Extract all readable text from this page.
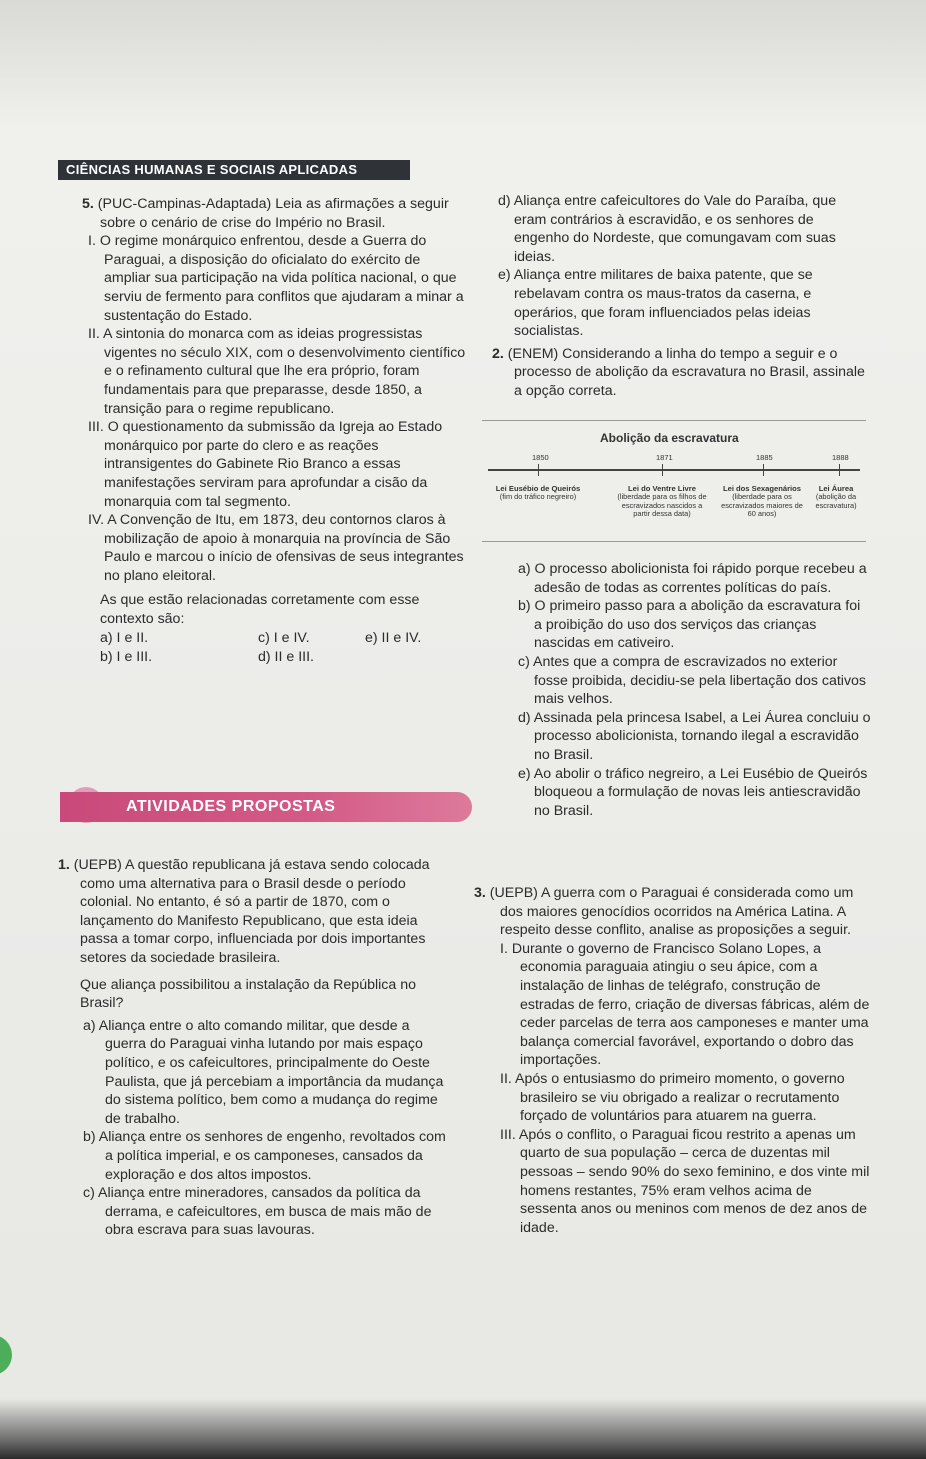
CIÊNCIAS HUMANAS E SOCIAIS APLICADAS

5. (PUC-Campinas-Adaptada) Leia as afirmações a seguir sobre o cenário de crise do Império no Brasil.

I. O regime monárquico enfrentou, desde a Guerra do Paraguai, a disposição do oficialato do exército de ampliar sua participação na vida política nacional, o que serviu de fermento para conflitos que ajudaram a minar a sustentação do Estado.

II. A sintonia do monarca com as ideias progressistas vigentes no século XIX, com o desenvolvimento científico e o refinamento cultural que lhe era próprio, foram fundamentais para que preparasse, desde 1850, a transição para o regime republicano.

III. O questionamento da submissão da Igreja ao Estado monárquico por parte do clero e as reações intransigentes do Gabinete Rio Branco a essas manifestações serviram para aprofundar a cisão da monarquia com tal segmento.

IV. A Convenção de Itu, em 1873, deu contornos claros à mobilização de apoio à monarquia na província de São Paulo e marcou o início de ofensivas de seus integrantes no plano eleitoral.

As que estão relacionadas corretamente com esse contexto são:

a) I e II.	c) I e IV.	e) II e IV.
b) I e III.	d) II e III.
ATIVIDADES PROPOSTAS

1. (UEPB) A questão republicana já estava sendo colocada como uma alternativa para o Brasil desde o período colonial. No entanto, é só a partir de 1870, com o lançamento do Manifesto Republicano, que esta ideia passa a tomar corpo, influenciada por dois importantes setores da sociedade brasileira.

Que aliança possibilitou a instalação da República no Brasil?

a) Aliança entre o alto comando militar, que desde a guerra do Paraguai vinha lutando por mais espaço político, e os cafeicultores, principalmente do Oeste Paulista, que já percebiam a importância da mudança do sistema político, bem como a mudança do regime de trabalho.

b) Aliança entre os senhores de engenho, revoltados com a política imperial, e os camponeses, cansados da exploração e dos altos impostos.

c) Aliança entre mineradores, cansados da política da derrama, e cafeicultores, em busca de mais mão de obra escrava para suas lavouras.

d) Aliança entre cafeicultores do Vale do Paraíba, que eram contrários à escravidão, e os senhores de engenho do Nordeste, que comungavam com suas ideias.

e) Aliança entre militares de baixa patente, que se rebelavam contra os maus-tratos da caserna, e operários, que foram influenciados pelas ideias socialistas.

2. (ENEM) Considerando a linha do tempo a seguir e o processo de abolição da escravatura no Brasil, assinale a opção correta.

Abolição da escravatura
1850	1871	1885	1888
Lei Eusébio de Queirós
(fim do tráfico negreiro)
Lei do Ventre Livre
(liberdade para os filhos de escravizados nascidos a partir dessa data)
Lei dos Sexagenários
(liberdade para os escravizados maiores de 60 anos)
Lei Áurea
(abolição da escravatura)

a) O processo abolicionista foi rápido porque recebeu a adesão de todas as correntes políticas do país.

b) O primeiro passo para a abolição da escravatura foi a proibição do uso dos serviços das crianças nascidas em cativeiro.

c) Antes que a compra de escravizados no exterior fosse proibida, decidiu-se pela libertação dos cativos mais velhos.

d) Assinada pela princesa Isabel, a Lei Áurea concluiu o processo abolicionista, tornando ilegal a escravidão no Brasil.

e) Ao abolir o tráfico negreiro, a Lei Eusébio de Queirós bloqueou a formulação de novas leis antiescravidão no Brasil.

3. (UEPB) A guerra com o Paraguai é considerada como um dos maiores genocídios ocorridos na América Latina. A respeito desse conflito, analise as proposições a seguir.

I. Durante o governo de Francisco Solano Lopes, a economia paraguaia atingiu o seu ápice, com a instalação de linhas de telégrafo, construção de estradas de ferro, criação de diversas fábricas, além de ceder parcelas de terra aos camponeses e manter uma balança comercial favorável, exportando o dobro das importações.

II. Após o entusiasmo do primeiro momento, o governo brasileiro se viu obrigado a realizar o recrutamento forçado de voluntários para atuarem na guerra.

III. Após o conflito, o Paraguai ficou restrito a apenas um quarto de sua população – cerca de duzentas mil pessoas – sendo 90% do sexo feminino, e dos vinte mil homens restantes, 75% eram velhos acima de sessenta anos ou meninos com menos de dez anos de idade.
